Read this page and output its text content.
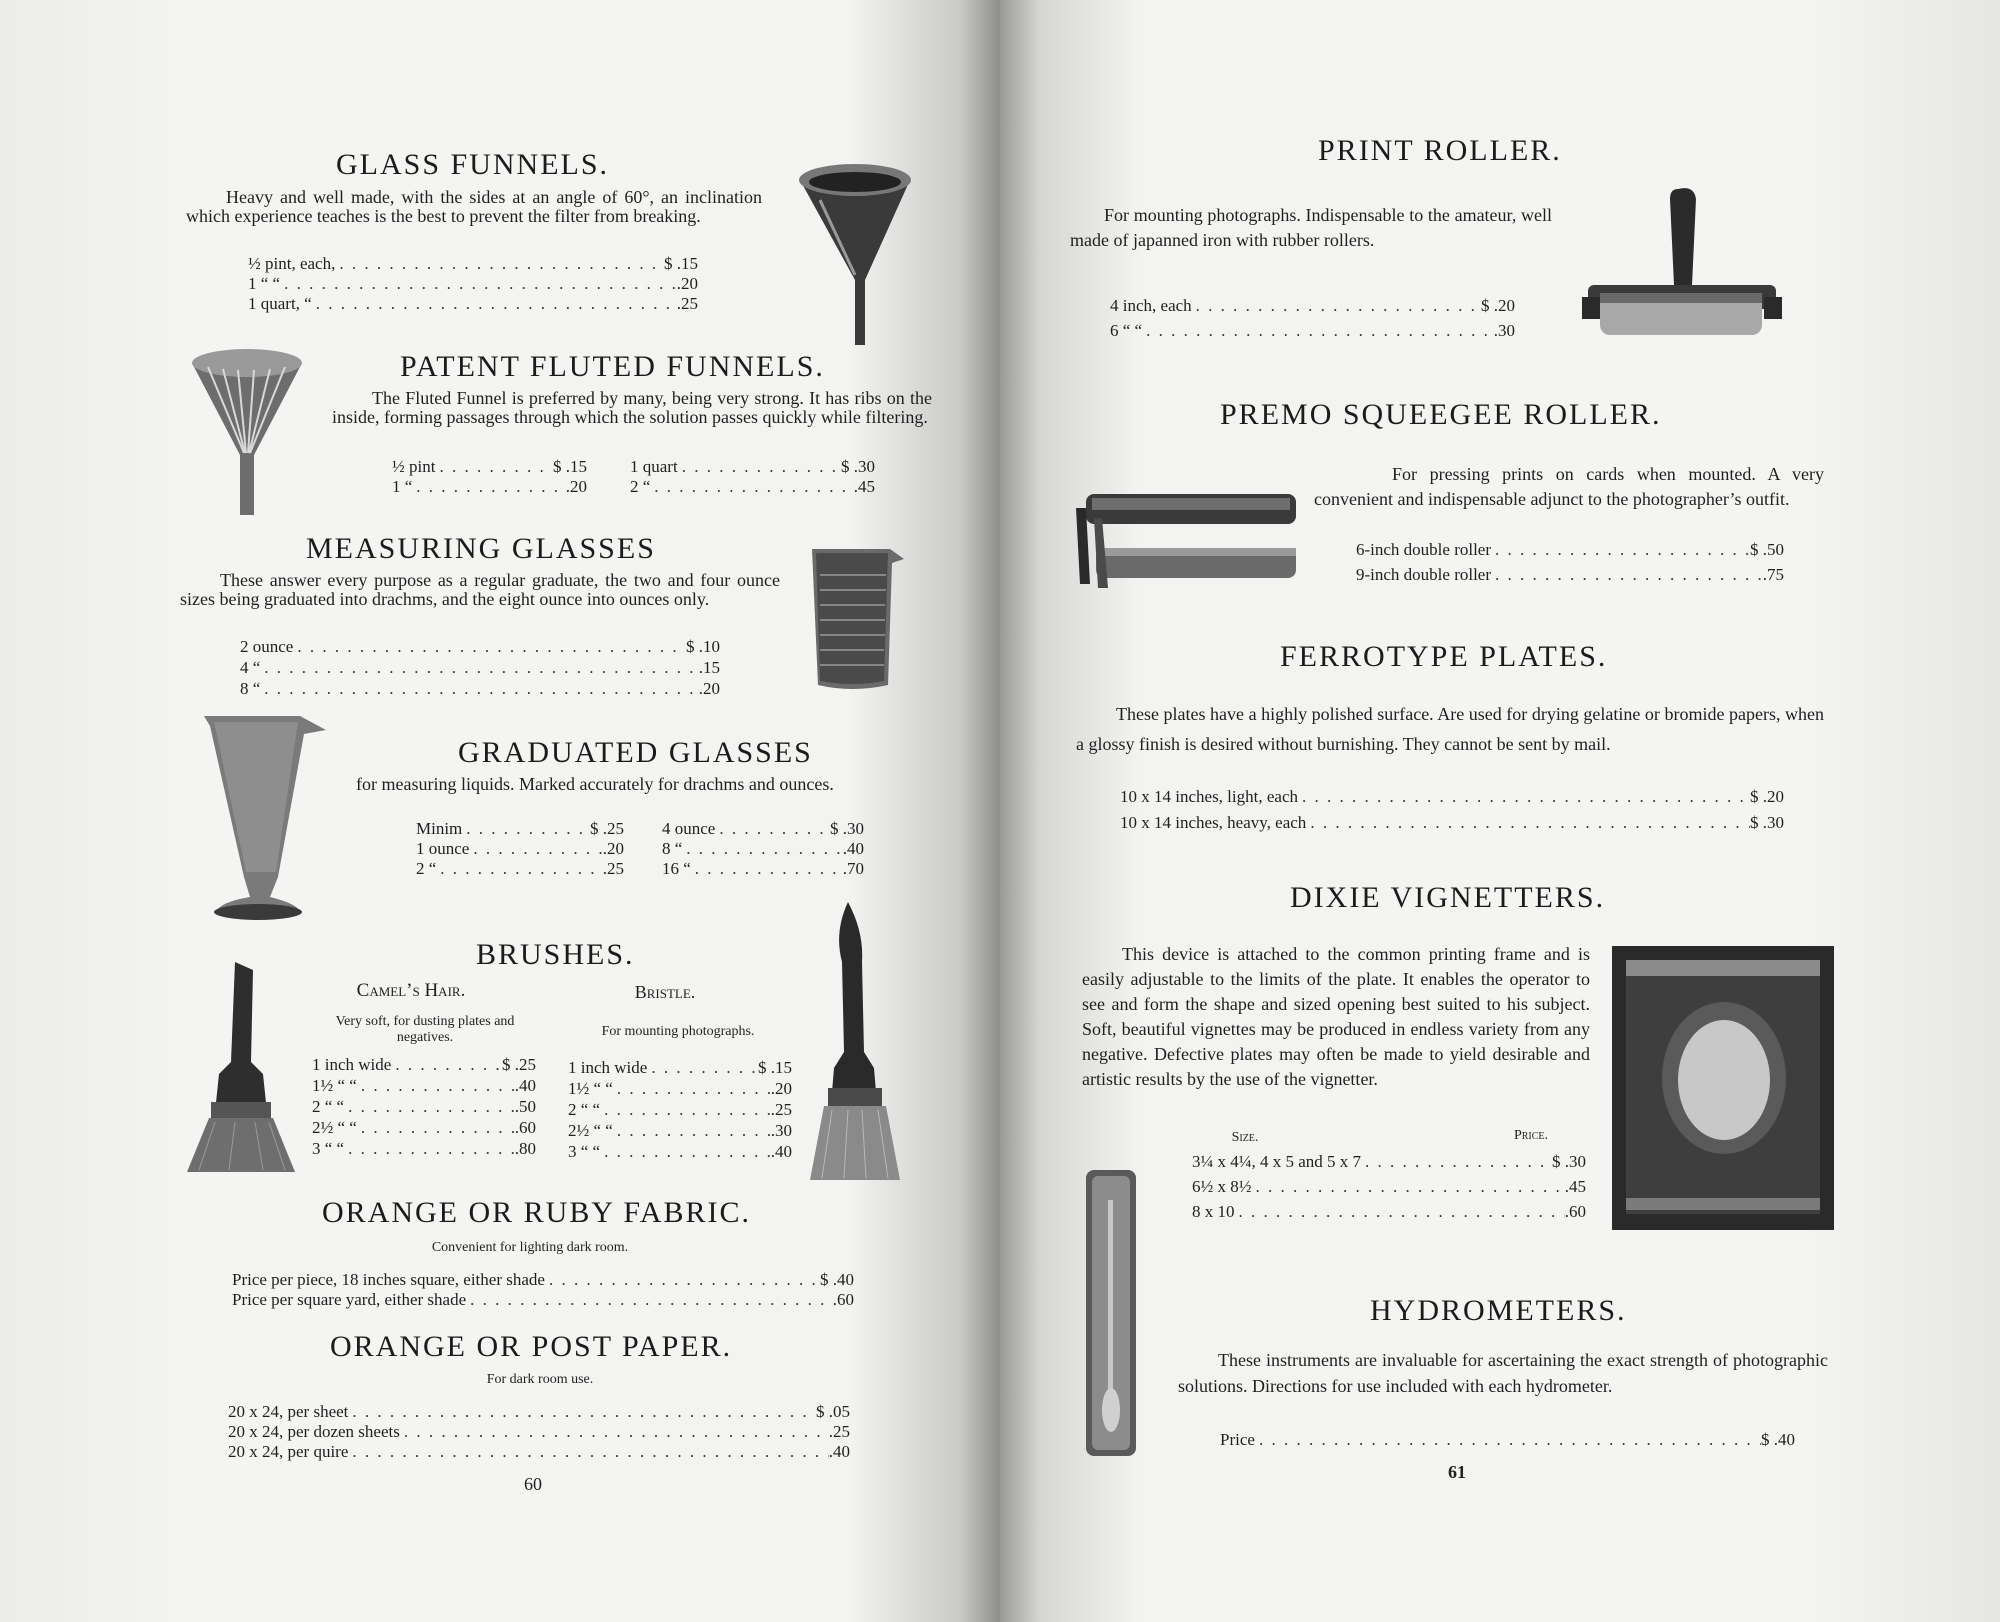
GLASS FUNNELS.
Heavy and well made, with the sides at an angle of 60°, an inclination which experience teaches is the best to prevent the filter from breaking.
½ pint, each, . . .	$ .15
1 “ “ . . .	.20
1 quart, “ . . .	.25
PATENT FLUTED FUNNELS.
The Fluted Funnel is preferred by many, being very strong. It has ribs on the inside, forming passages through which the solution passes quickly while filtering.
½ pint . . .	$ .15	1 quart . . .	$ .30
1 “ . . .	.20	2 “ . . .	.45
MEASURING GLASSES
These answer every purpose as a regular graduate, the two and four ounce sizes being graduated into drachms, and the eight ounce into ounces only.
2 ounce . . .	$ .10
4 “ . . .	.15
8 “ . . .	.20
GRADUATED GLASSES
for measuring liquids. Marked accurately for drachms and ounces.
Minim . . .	$ .25 4 ounce . . .	$ .30
1 ounce . . .	.20 8 “ . . .	.40
2 “ . . .	.25 16 “ . . .	.70
BRUSHES.
Camel’s Hair.	Bristle.
Very soft, for dusting plates and negatives.	For mounting photographs.
1 inch wide . . .	$ .25
1½ “ “ . . .	.40
2 “ “ . . .	.50
2½ “ “ . . .	.60
3 “ “ . . .	.80
1 inch wide . . .	$ .15
1½ “ “ . . .	.20
2 “ “ . . .	.25
2½ “ “ . . .	.30
3 “ “ . . .	.40
ORANGE OR RUBY FABRIC.
Convenient for lighting dark room.
Price per piece, 18 inches square, either shade . . .	$ .40
Price per square yard, either shade . . .	.60
ORANGE OR POST PAPER.
For dark room use.
20 x 24, per sheet . . .	$ .05
20 x 24, per dozen sheets . . .	.25
20 x 24, per quire . . .	.40
60
PRINT ROLLER.
For mounting photographs. Indispensable to the amateur, well made of japanned iron with rubber rollers.
4 inch, each . . .	$ .20
6 “ “ . . .	.30
PREMO SQUEEGEE ROLLER.
For pressing prints on cards when mounted. A very convenient and indispensable adjunct to the photographer’s outfit.
6-inch double roller . . .	$ .50
9-inch double roller . . .	.75
FERROTYPE PLATES.
These plates have a highly polished surface. Are used for drying gelatine or bromide papers, when a glossy finish is desired without burnishing. They cannot be sent by mail.
10 x 14 inches, light, each . . .	$ .20
10 x 14 inches, heavy, each . . .	$ .30
DIXIE VIGNETTERS.
This device is attached to the common printing frame and is easily adjustable to the limits of the plate. It enables the operator to see and form the shape and sized opening best suited to his subject. Soft, beautiful vignettes may be produced in endless variety from any negative. Defective plates may often be made to yield desirable and artistic results by the use of the vignetter.
Size.	Price.
3¼ x 4¼, 4 x 5 and 5 x 7 . . .	$ .30
6½ x 8½ . . .	.45
8 x 10 . . .	.60
HYDROMETERS.
These instruments are invaluable for ascertaining the exact strength of photographic solutions. Directions for use included with each hydrometer.
Price . . .	$ .40
61
